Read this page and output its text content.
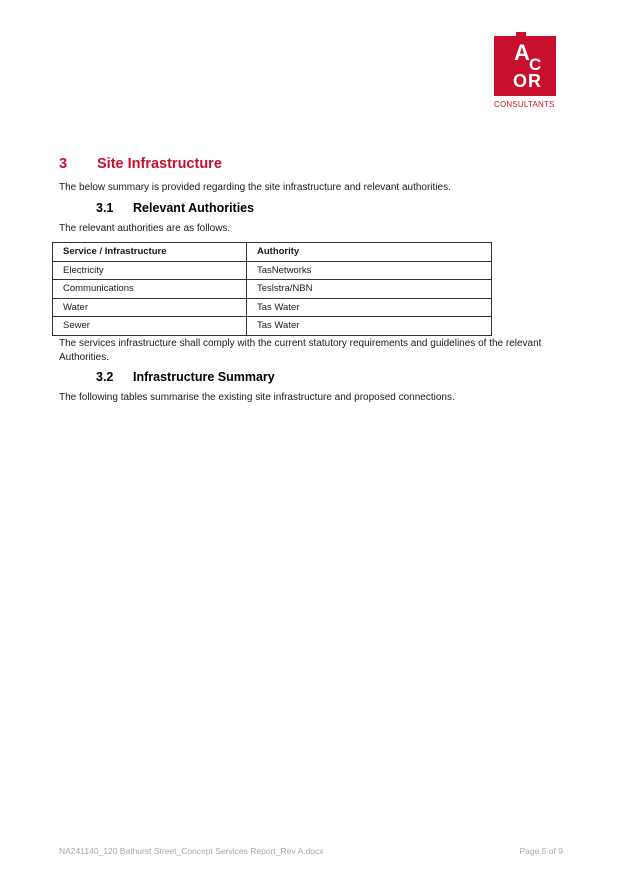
A C
O R
CONSULTANTS
3 Site Infrastructure
The below summary is provided regarding the site infrastructure and relevant authorities.
3.1 Relevant Authorities
The relevant authorities are as follows.
Service / Infrastructure	Authority
Electricity	TasNetworks
Communications	Teslstra/NBN
Water	Tas Water
Sewer	Tas Water
The services infrastructure shall comply with the current statutory requirements and guidelines of the relevant Authorities.
3.2 Infrastructure Summary
The following tables summarise the existing site infrastructure and proposed connections.
NA241140_120 Bathurst Street_Concept Services Report_Rev A.docx	Page 5 of 9
